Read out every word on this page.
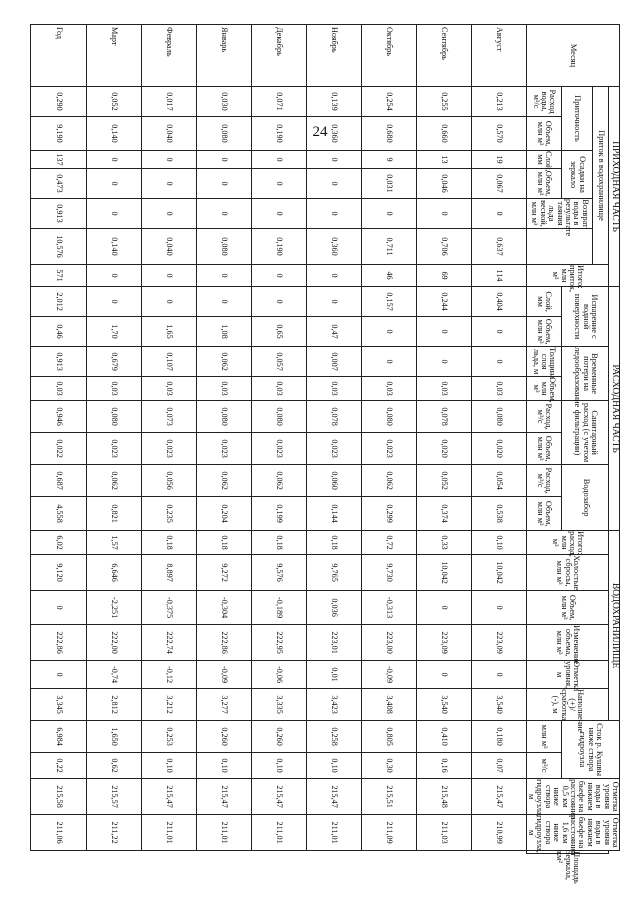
24
Месяц	ПРИХОДНАЯ ЧАСТЬ							РАСХОДНАЯ ЧАСТЬ								ВОДОХРАНИЛИЩЕ						Сток р. Кушвы ниже створа гидроузла		Отметка уровня воды в нижнем бьефе на расстоянии 0,5 км ниже створа гидроузла, м	Отметка уровня воды в нижнем бьефе на расстоянии 1,6 км ниже створа гидроузла, м	
	Приток в водохранилище						Итого: приток, млн м³	Испарение с водной поверхности		Временные потери на ледообразование		Санитарный расход (с учетом фильтрации)		Водозабор		Итого: расход, млн м³	Холостые сбросы, млн м³	Объем, млн м³	Изменение объема, млн м³	Отметка уровня, м	Наполнение (+)/сработка (-), м					Площадь зеркала, км²
	Приточность		Осадки на зеркало		Возврат воды в результате таяния льда весной, млн м³																					
	Расход воды, м³/с	Объем, млн м³	Слой, мм	Объем, млн м³				Слой, мм	Объем, млн м³	Толщина слоя льда, м	Объем, млн м³	Расход, м³/с	Объем, млн м³	Расход, м³/с	Объем, млн м³							млн м³	м³/с			
Август	0,213	0,570	19	0,067	0	0,637	114	0,404	0	0	0,03	0,080	0,020	0,054	0,538	0,10	10,042	0	223,09	0	3,540	0,180	0,07	215,47	210,99	
Сентябрь	0,255	0,660	13	0,046	0	0,706	69	0,244	0	0	0,03	0,078	0,020	0,052	0,374	0,33	10,042	0	223,09	0	3,540	0,410	0,16	215,48	211,03	
Октябрь	0,254	0,680	9	0,031	0	0,711	46	0,157	0	0	0,03	0,080	0,023	0,062	0,299	0,72	9,730	-0,313	223,00	-0,09	3,408	0,805	0,30	215,51	211,09	
Ноябрь	0,139	0,360	0	0	0	0,360	0	0	0,47	0,007	0,03	0,078	0,023	0,060	0,144	0,18	9,765	0,036	223,01	0,01	3,423	0,258	0,10	215,47	211,01	
Декабрь	0,071	0,190	0	0	0	0,190	0	0	0,65	0,057	0,03	0,080	0,023	0,062	0,199	0,18	9,576	-0,189	222,95	-0,06	3,335	0,260	0,10	215,47	211,01	
Январь	0,030	0,080	0	0	0	0,080	0	0	1,08	0,062	0,03	0,080	0,023	0,062	0,204	0,18	9,272	-0,304	222,86	-0,09	3,277	0,260	0,10	215,47	211,01	
Февраль	0,017	0,040	0	0	0	0,040	0	0	1,65	0,107	0,03	0,073	0,023	0,056	0,235	0,18	8,897	-0,375	222,74	-0,12	3,212	0,253	0,10	215,47	211,01	
Март	0,052	0,140	0	0	0	0,140	0	0	1,70	0,679	0,03	0,080	0,023	0,062	0,821	1,57	6,646	-2,251	222,00	-0,74	2,812	1,650	0,62	215,57	211,22	
Год	0,290	9,190	137	0,473	0,913	10,576	571	2,012	0,46	0,913	0,03	0,946	0,022	0,687	4,558	6,02	9,120	0	222,86	0	3,345	6,984	0,22	215,58	211,06	
